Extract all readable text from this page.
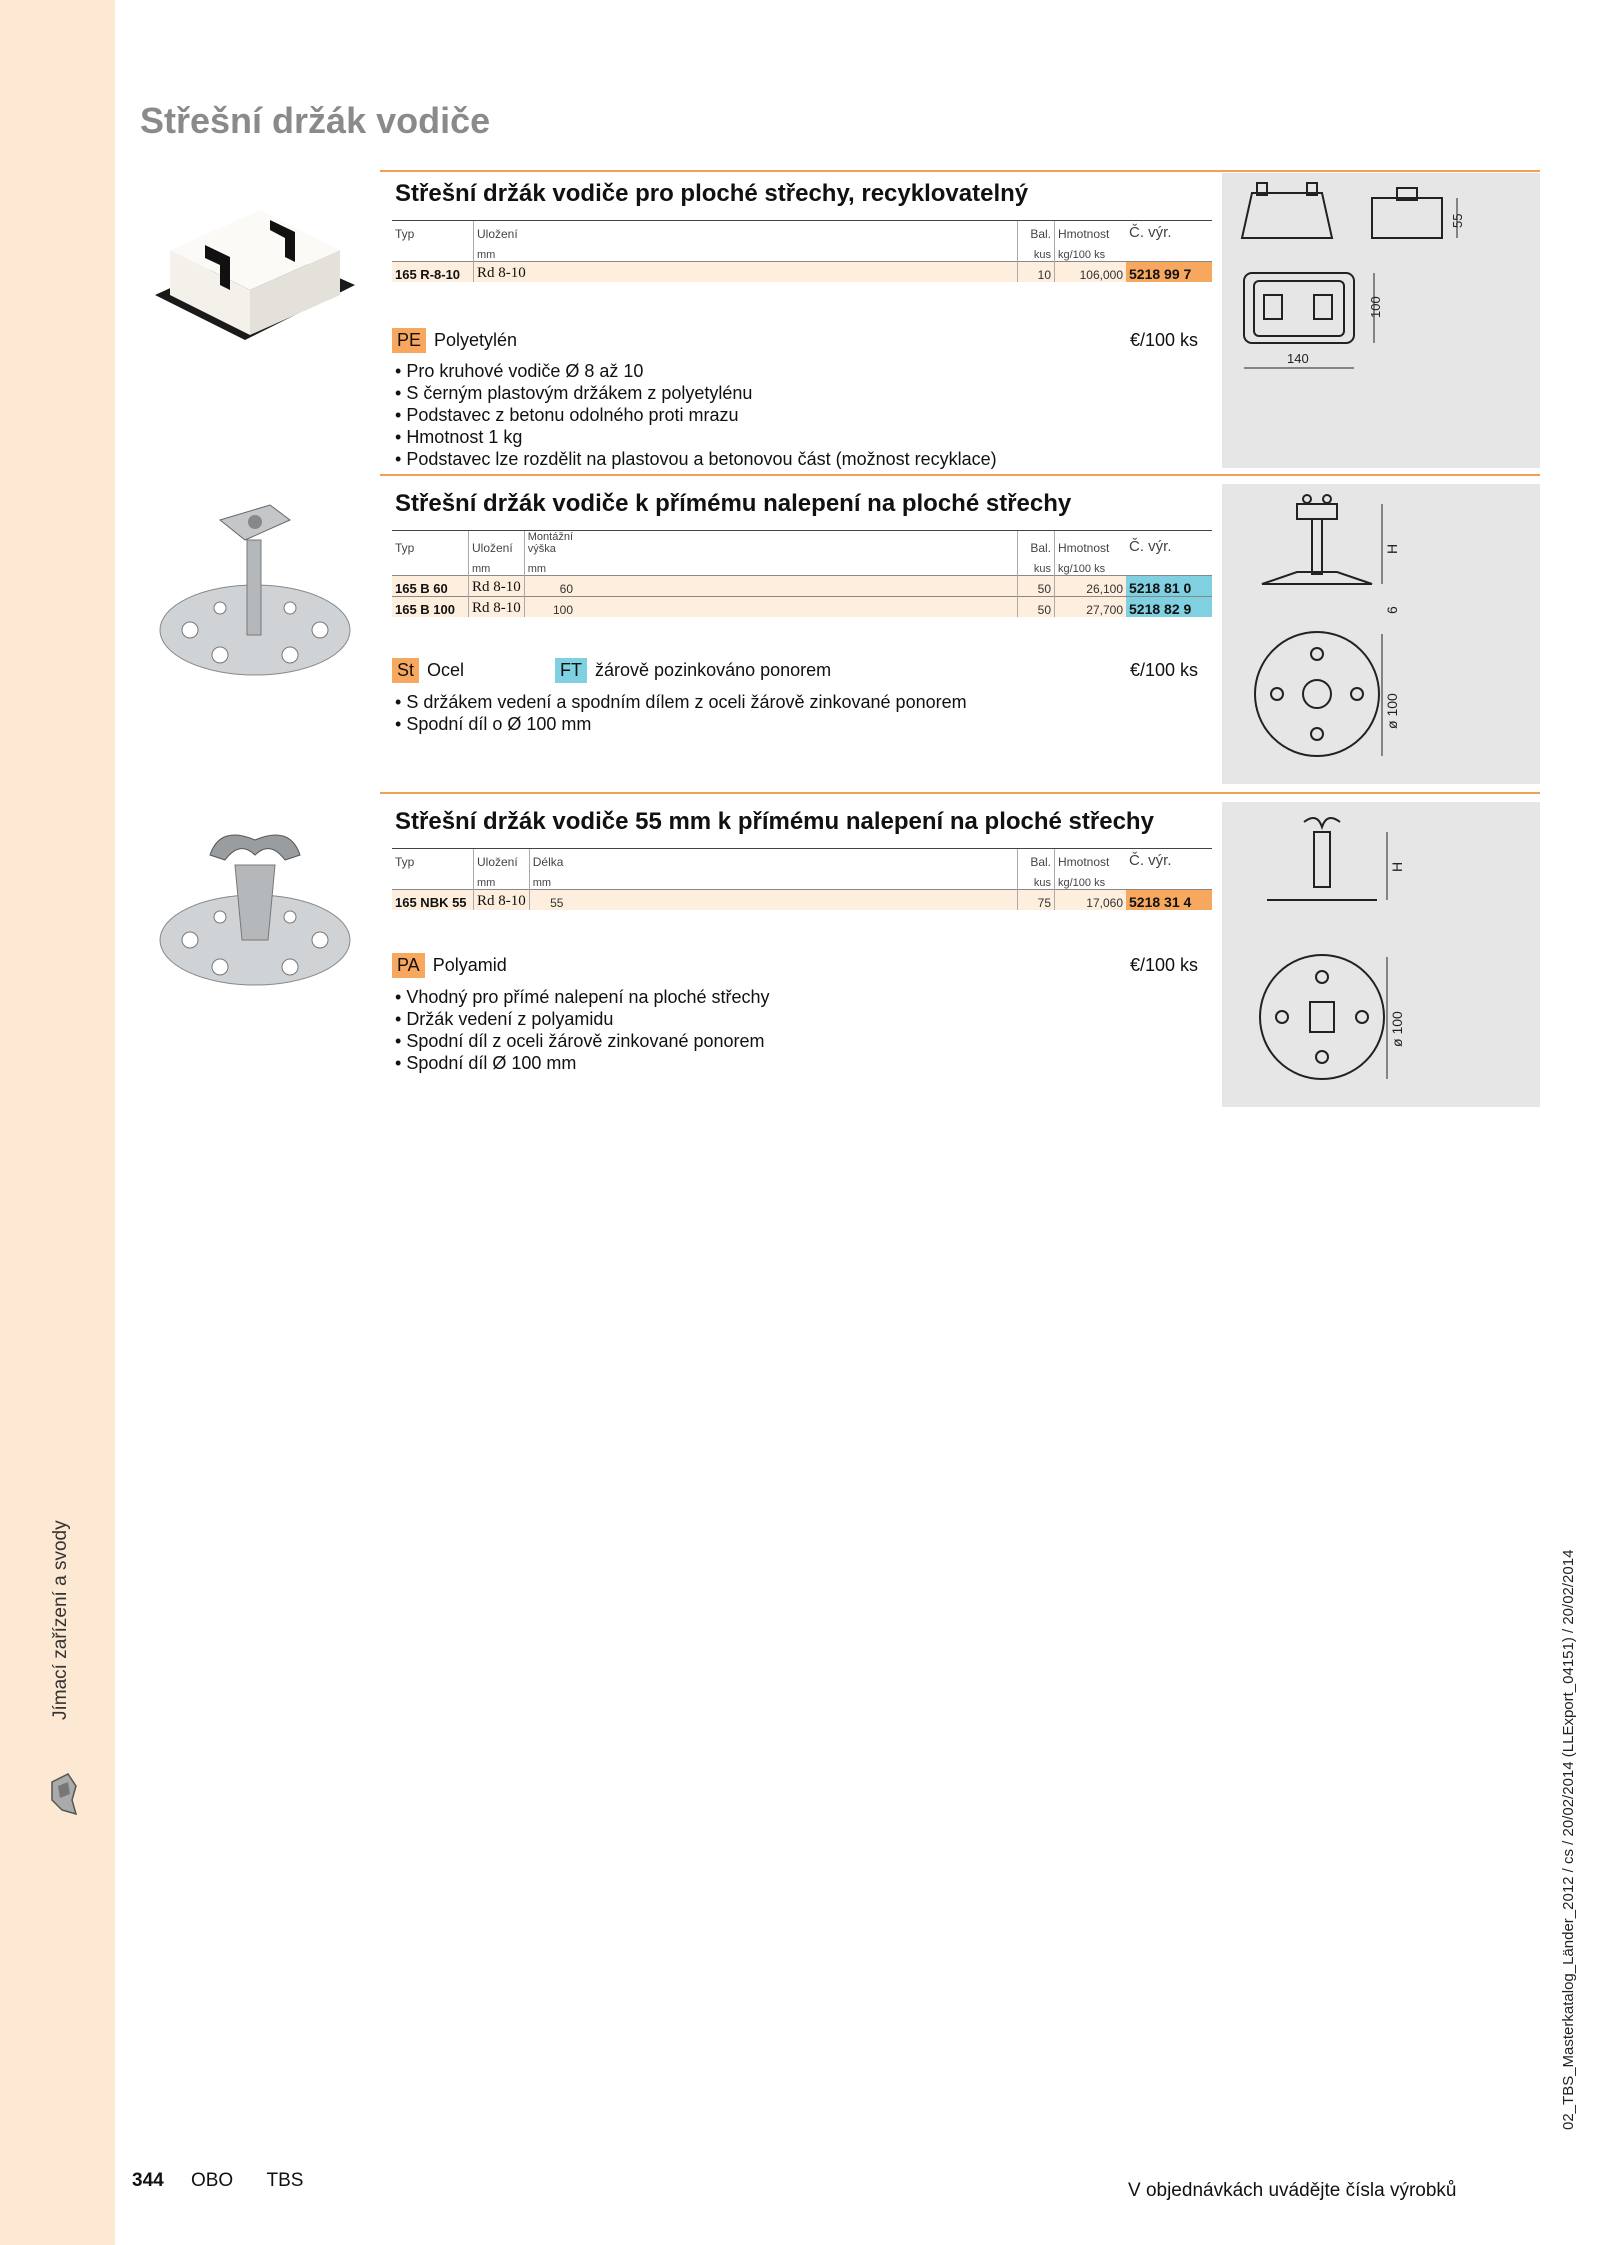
Jímací zařízení a svody
Střešní držák vodiče
55
100
140
Střešní držák vodiče pro ploché střechy, recyklovatelný
Typ	Uložení		Bal.	Hmotnost	Č. výr.
	mm		kus	kg/100 ks	
165 R-8-10	Rd 8-10		10	106,000	5218 99 7
PE Polyetylén	€/100 ks
• Pro kruhové vodiče Ø 8 až 10
• S černým plastovým držákem z polyetylénu
• Podstavec z betonu odolného proti mrazu
• Hmotnost 1 kg
• Podstavec lze rozdělit na plastovou a betonovou část (možnost recyklace)
H
6
ø 100
Střešní držák vodiče k přímému nalepení na ploché střechy
Typ	Uložení	Montážní výška		Bal.	Hmotnost	Č. výr.
	mm	mm		kus	kg/100 ks	
165 B 60	Rd 8-10	60		50	26,100	5218 81 0
165 B 100	Rd 8-10	100		50	27,700	5218 82 9
St Ocel	FT žárově pozinkováno ponorem	€/100 ks
• S držákem vedení a spodním dílem z oceli žárově zinkované ponorem
• Spodní díl o Ø 100 mm
H
ø 100
Střešní držák vodiče 55 mm k přímému nalepení na ploché střechy
Typ	Uložení	Délka		Bal.	Hmotnost	Č. výr.
	mm	mm		kus	kg/100 ks	
165 NBK 55	Rd 8-10	55		75	17,060	5218 31 4
PA Polyamid	€/100 ks
• Vhodný pro přímé nalepení na ploché střechy
• Držák vedení z polyamidu
• Spodní díl z oceli žárově zinkované ponorem
• Spodní díl Ø 100 mm
344 OBO TBS	V objednávkách uvádějte čísla výrobků
02_TBS_Masterkatalog_Länder_2012 / cs / 20/02/2014 (LLExport_04151) / 20/02/2014
